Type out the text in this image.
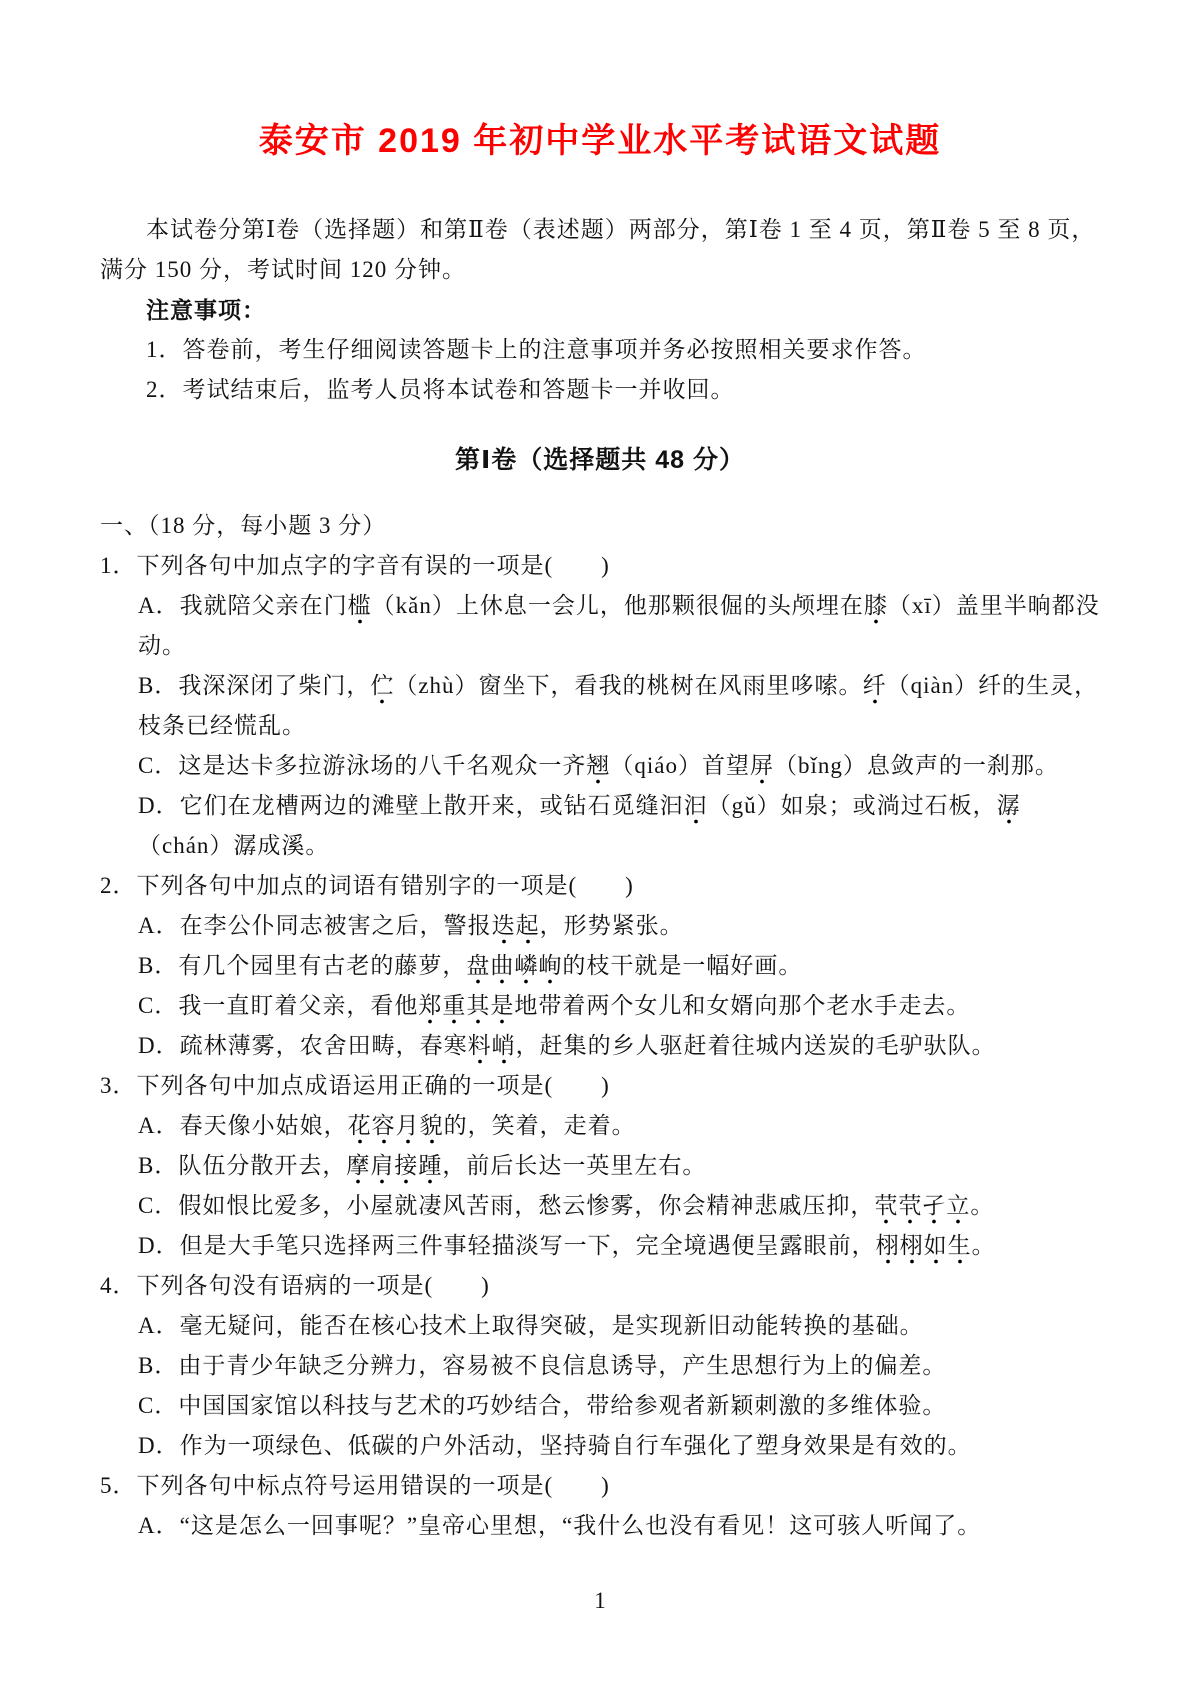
泰安市 2019 年初中学业水平考试语文试题

本试卷分第Ⅰ卷（选择题）和第Ⅱ卷（表述题）两部分，第Ⅰ卷 1 至 4 页，第Ⅱ卷 5 至 8 页，满分 150 分，考试时间 120 分钟。

注意事项：

1．答卷前，考生仔细阅读答题卡上的注意事项并务必按照相关要求作答。

2．考试结束后，监考人员将本试卷和答题卡一并收回。

第Ⅰ卷（选择题共 48 分）

一、（18 分，每小题 3 分）

1．下列各句中加点字的字音有误的一项是(　　)
A．我就陪父亲在门槛（kǎn）上休息一会儿，他那颗很倔的头颅埋在膝（xī）盖里半晌都没动。
B．我深深闭了柴门，伫（zhù）窗坐下，看我的桃树在风雨里哆嗦。纤（qiàn）纤的生灵，枝条已经慌乱。
C．这是达卡多拉游泳场的八千名观众一齐翘（qiáo）首望屏（bǐng）息敛声的一刹那。
D．它们在龙槽两边的滩壁上散开来，或钻石觅缝汩汩（gǔ）如泉；或淌过石板，潺（chán）潺成溪。
2．下列各句中加点的词语有错别字的一项是(　　)
A．在李公仆同志被害之后，警报迭起，形势紧张。
B．有几个园里有古老的藤萝，盘曲嶙峋的枝干就是一幅好画。
C．我一直盯着父亲，看他郑重其是地带着两个女儿和女婿向那个老水手走去。
D．疏林薄雾，农舍田畴，春寒料峭，赶集的乡人驱赶着往城内送炭的毛驴驮队。
3．下列各句中加点成语运用正确的一项是(　　)
A．春天像小姑娘，花容月貌的，笑着，走着。
B．队伍分散开去，摩肩接踵，前后长达一英里左右。
C．假如恨比爱多，小屋就凄风苦雨，愁云惨雾，你会精神悲戚压抑，茕茕孑立。
D．但是大手笔只选择两三件事轻描淡写一下，完全境遇便呈露眼前，栩栩如生。
4．下列各句没有语病的一项是(　　)
A．毫无疑问，能否在核心技术上取得突破，是实现新旧动能转换的基础。
B．由于青少年缺乏分辨力，容易被不良信息诱导，产生思想行为上的偏差。
C．中国国家馆以科技与艺术的巧妙结合，带给参观者新颖刺激的多维体验。
D．作为一项绿色、低碳的户外活动，坚持骑自行车强化了塑身效果是有效的。
5．下列各句中标点符号运用错误的一项是(　　)
A．“这是怎么一回事呢？”皇帝心里想，“我什么也没有看见！这可骇人听闻了。
1
